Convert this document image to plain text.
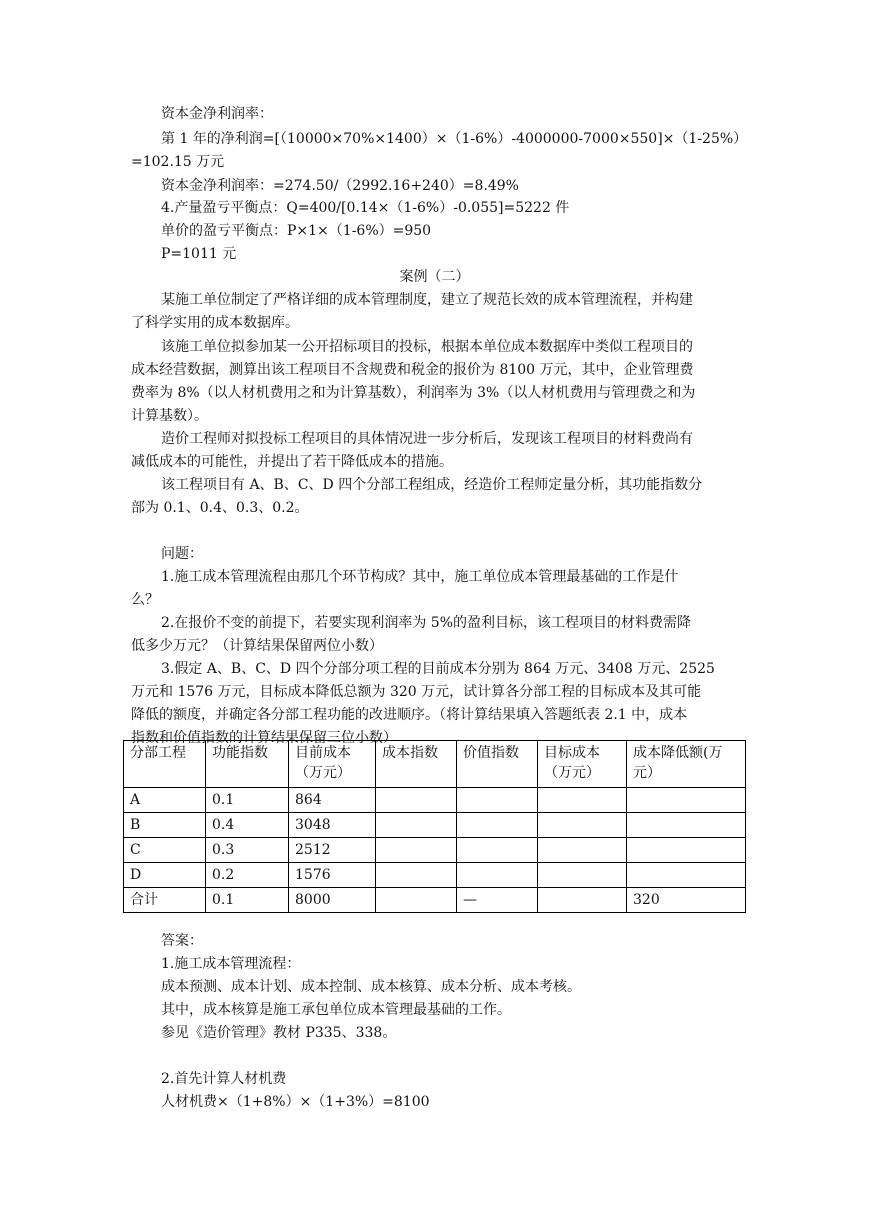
资本金净利润率：
第 1 年的净利润=[（10000×70%×1400）×（1-6%）-4000000-7000×550]×（1-25%）
=102.15 万元
资本金净利润率：=274.50/（2992.16+240）=8.49%
4.产量盈亏平衡点：Q=400/[0.14×（1-6%）-0.055]=5222 件
单价的盈亏平衡点：P×1×（1-6%）=950
P=1011 元
案例（二）
某施工单位制定了严格详细的成本管理制度，建立了规范长效的成本管理流程，并构建
了科学实用的成本数据库。
该施工单位拟参加某一公开招标项目的投标，根据本单位成本数据库中类似工程项目的
成本经营数据，测算出该工程项目不含规费和税金的报价为 8100 万元，其中，企业管理费
费率为 8%（以人材机费用之和为计算基数），利润率为 3%（以人材机费用与管理费之和为
计算基数）。
造价工程师对拟投标工程项目的具体情况进一步分析后，发现该工程项目的材料费尚有
减低成本的可能性，并提出了若干降低成本的措施。
该工程项目有 A、B、C、D 四个分部工程组成，经造价工程师定量分析，其功能指数分
部为 0.1、0.4、0.3、0.2。
问题：
1.施工成本管理流程由那几个环节构成？其中，施工单位成本管理最基础的工作是什
么？
2.在报价不变的前提下，若要实现利润率为 5%的盈利目标，该工程项目的材料费需降
低多少万元？（计算结果保留两位小数）
3.假定 A、B、C、D 四个分部分项工程的目前成本分别为 864 万元、3408 万元、2525
万元和 1576 万元，目标成本降低总额为 320 万元，试计算各分部工程的目标成本及其可能
降低的额度，并确定各分部工程功能的改进顺序。（将计算结果填入答题纸表 2.1 中，成本
指数和价值指数的计算结果保留三位小数）
分部工程	功能指数	目前成本（万元）	成本指数	价值指数	目标成本（万元）	成本降低额(万元）
A	0.1	864				
B	0.4	3048				
C	0.3	2512				
D	0.2	1576				
合计	0.1	8000		—		320
答案：
1.施工成本管理流程：
成本预测、成本计划、成本控制、成本核算、成本分析、成本考核。
其中，成本核算是施工承包单位成本管理最基础的工作。
参见《造价管理》教材 P335、338。
2.首先计算人材机费
人材机费×（1+8%）×（1+3%）=8100
